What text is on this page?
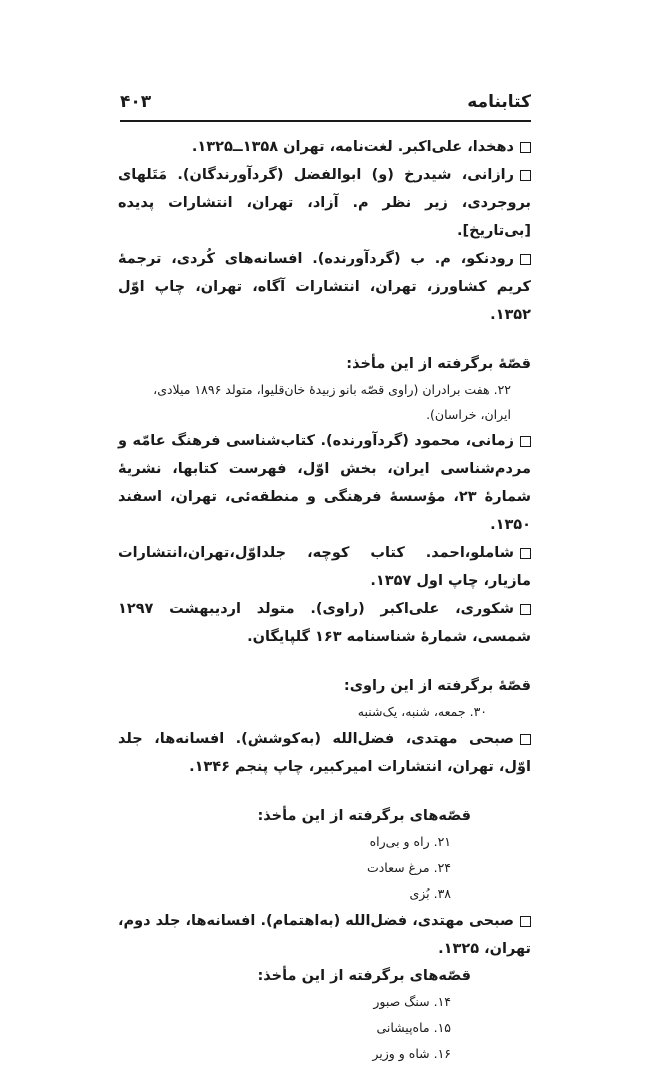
کتابنامه
۴۰۳
دهخدا، علی‌اکبر. لغت‌نامه، تهران ۱۳۵۸ــ۱۳۲۵.
رازانی، شیدرخ (و) ابوالفضل (گردآورندگان). مَتَلهای بروجردی، زیر نظر م. آزاد، تهران، انتشارات پدیده [بی‌تاریخ].
رودنکو، م. ب (گردآورنده). افسانه‌های کُردی، ترجمهٔ کریم کشاورز، تهران، انتشارات آگاه، تهران، چاپ اوّل ۱۳۵۲.
قصّهٔ برگرفته از این مأخذ:
۲۲. هفت برادران (راوی قصّه بانو زبیدهٔ خان‌قلیوا، متولد ۱۸۹۶ میلادی،
ایران، خراسان).
زمانی، محمود (گردآورنده). کتاب‌شناسی فرهنگ عامّه و مردم‌شناسی ایران، بخش اوّل، فهرست کتابها، نشریهٔ شمارهٔ ۲۳، مؤسسهٔ فرهنگی و منطقه‌ئی، تهران، اسفند ۱۳۵۰.
شاملو،احمد. کتاب کوچه، جلداوّل،تهران،انتشارات مازیار، چاپ اول ۱۳۵۷.
شکوری، علی‌اکبر (راوی). متولد اردیبهشت ۱۲۹۷ شمسی، شمارهٔ شناسنامه ۱۶۳ گلپایگان.
قصّهٔ برگرفته از این راوی:
۳۰. جمعه، شنبه، یک‌شنبه
صبحی مهتدی، فضل‌الله (به‌کوشش). افسانه‌ها، جلد اوّل، تهران، انتشارات امیرکبیر، چاپ پنجم ۱۳۴۶.
قصّه‌های برگرفته از این مأخذ:
۲۱. راه و بی‌راه
۲۴. مرغ سعادت
۳۸. بُزی
صبحی مهتدی، فضل‌الله (به‌اهتمام). افسانه‌ها، جلد دوم، تهران، ۱۳۲۵.
قصّه‌های برگرفته از این مأخذ:
۱۴. سنگ صبور
۱۵. ماه‌پیشانی
۱۶. شاه و وزیر
